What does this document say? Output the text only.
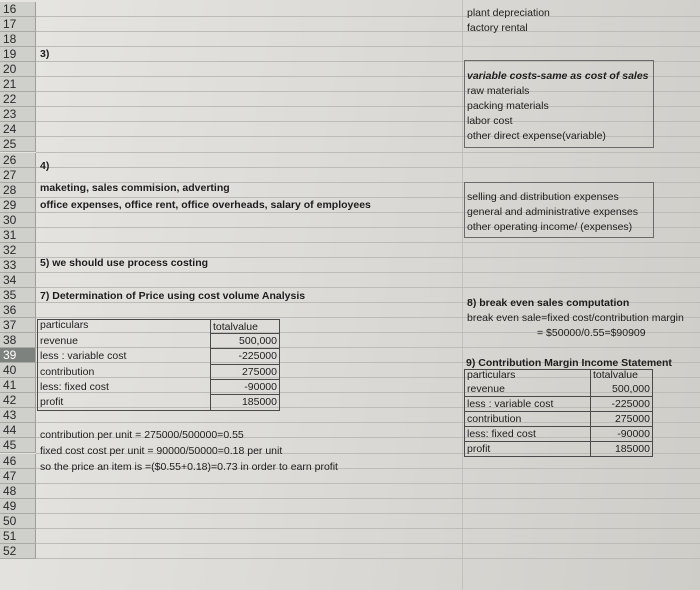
16
17
18
19
20
21
22
23
24
25
26
27
28
29
30
31
32
33
34
35
36
37
38
39
40
41
42
43
44
45
46
47
48
49
50
51
52
3)
4)
maketing, sales commision, adverting
office expenses, office rent, office overheads, salary of employees
5) we should use process costing
7) Determination of Price using cost volume Analysis
particulars	totalvalue
revenue	500,000
less : variable cost	-225000
contribution	275000
less: fixed cost	-90000
profit	185000
contribution per unit = 275000/500000=0.55
fixed cost cost per unit = 90000/50000=0.18 per unit
so the price an item is =($0.55+0.18)=0.73 in order to earn profit
plant depreciation
factory rental
variable costs-same as cost of sales
raw materials
packing materials
labor cost
other direct expense(variable)
selling and distribution expenses
general and administrative expenses
other operating income/ (expenses)
8) break even sales computation
break even sale=fixed cost/contribution margin
= $50000/0.55=$90909
9) Contribution Margin Income Statement
particulars	totalvalue
revenue	500,000
less : variable cost	-225000
contribution	275000
less: fixed cost	-90000
profit	185000
